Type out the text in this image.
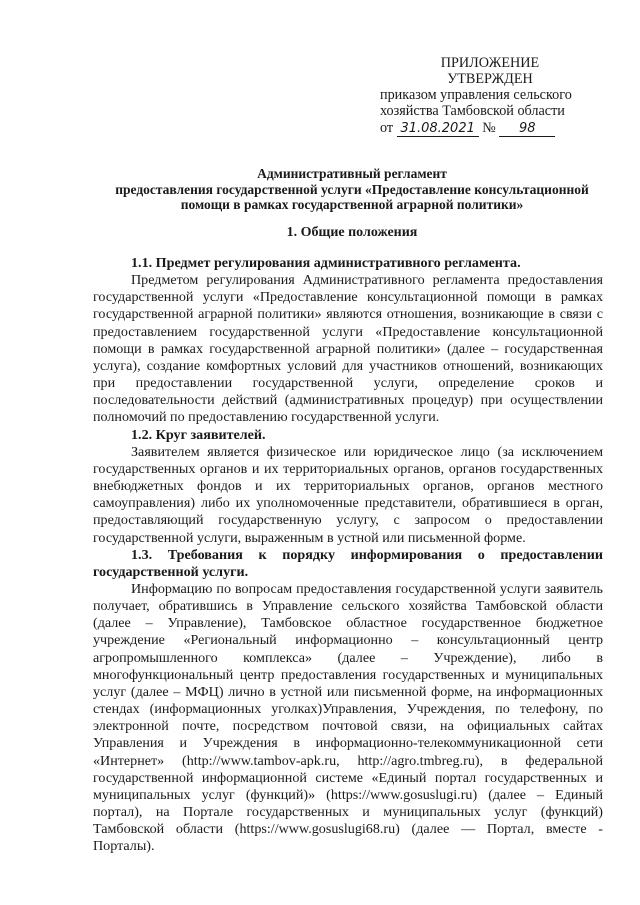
ПРИЛОЖЕНИЕ
УТВЕРЖДЕН
приказом управления сельского
хозяйства Тамбовской области
от 31.08.2021 № 98
Административный регламент
предоставления государственной услуги «Предоставление консультационной
помощи в рамках государственной аграрной политики»
1. Общие положения

1.1. Предмет регулирования административного регламента.

Предметом регулирования Административного регламента предоставления государственной услуги «Предоставление консультационной помощи в рамках государственной аграрной политики» являются отношения, возникающие в связи с предоставлением государственной услуги «Предоставление консультационной помощи в рамках государственной аграрной политики» (далее – государственная услуга), создание комфортных условий для участников отношений, возникающих при предоставлении государственной услуги, определение сроков и последовательности действий (административных процедур) при осуществлении полномочий по предоставлению государственной услуги.

1.2. Круг заявителей.

Заявителем является физическое или юридическое лицо (за исключением государственных органов и их территориальных органов, органов государственных внебюджетных фондов и их территориальных органов, органов местного самоуправления) либо их уполномоченные представители, обратившиеся в орган, предоставляющий государственную услугу, с запросом о предоставлении государственной услуги, выраженным в устной или письменной форме.

1.3. Требования к порядку информирования о предоставлении государственной услуги.

Информацию по вопросам предоставления государственной услуги заявитель получает, обратившись в Управление сельского хозяйства Тамбовской области (далее – Управление), Тамбовское областное государственное бюджетное учреждение «Региональный информационно – консультационный центр агропромышленного комплекса» (далее – Учреждение), либо в многофункциональный центр предоставления государственных и муниципальных услуг (далее – МФЦ) лично в устной или письменной форме, на информационных стендах (информационных уголках)Управления, Учреждения, по телефону, по электронной почте, посредством почтовой связи, на официальных сайтах Управления и Учреждения в информационно-телекоммуникационной сети «Интернет» (http://www.tambov-apk.ru, http://agro.tmbreg.ru), в федеральной государственной информационной системе «Единый портал государственных и муниципальных услуг (функций)» (https://www.gosuslugi.ru) (далее – Единый портал), на Портале государственных и муниципальных услуг (функций) Тамбовской области (https://www.gosuslugi68.ru) (далее — Портал, вместе - Порталы).
